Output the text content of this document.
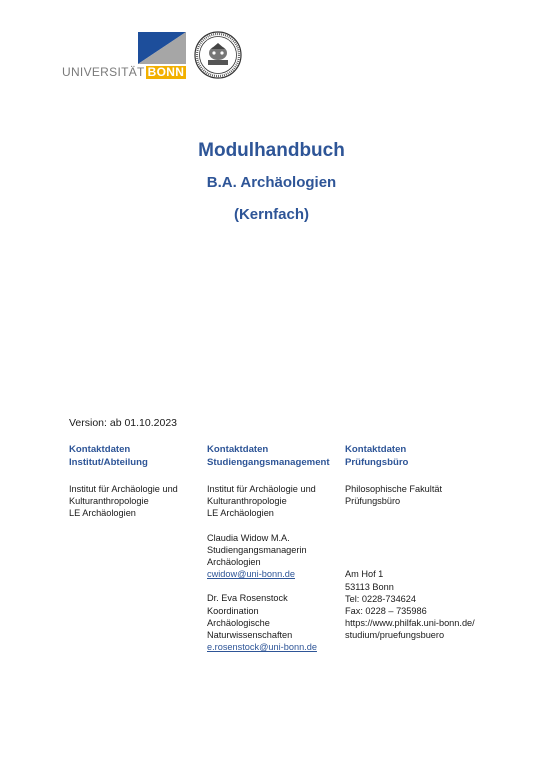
UNIVERSITÄT BONN
Modulhandbuch
B.A. Archäologien
(Kernfach)
Version: ab 01.10.2023
Kontaktdaten
Institut/Abteilung
Institut für Archäologie und
Kulturanthropologie
LE Archäologien
Kontaktdaten
Studiengangsmanagement
Institut für Archäologie und
Kulturanthropologie
LE Archäologien
Claudia Widow M.A.
Studiengangsmanagerin
Archäologien
cwidow@uni-bonn.de
Dr. Eva Rosenstock
Koordination
Archäologische
Naturwissenschaften
e.rosenstock@uni-bonn.de
Kontaktdaten
Prüfungsbüro
Philosophische Fakultät
Prüfungsbüro
Am Hof 1
53113 Bonn
Tel: 0228-734624
Fax: 0228 – 735986
https://www.philfak.uni-bonn.de/
studium/pruefungsbuero
